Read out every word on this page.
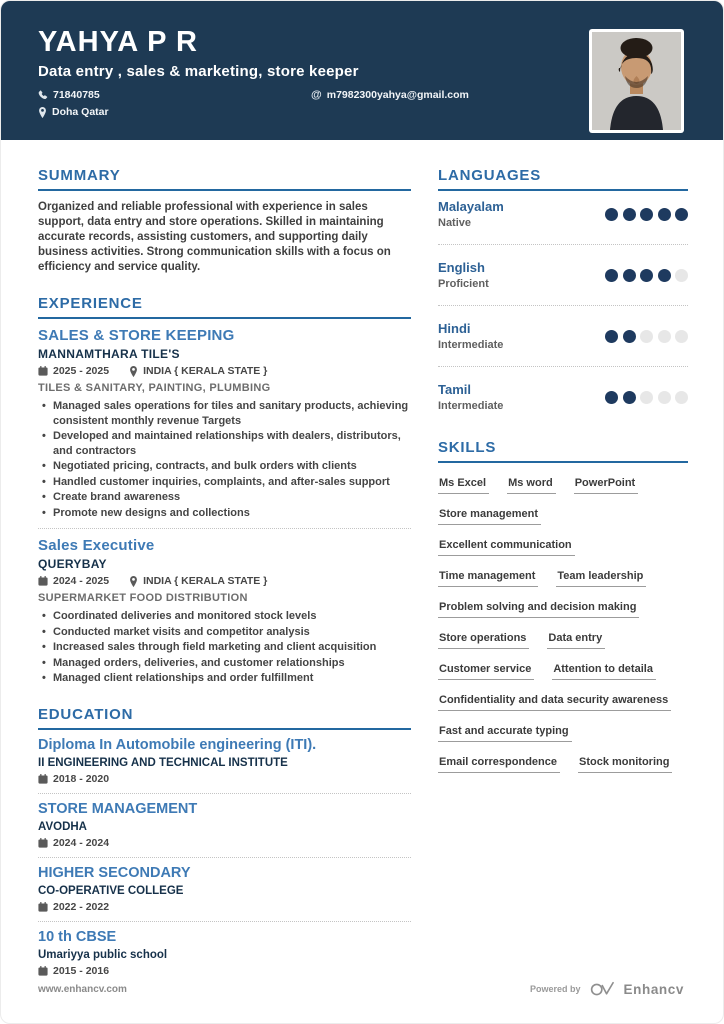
YAHYA P R
Data entry , sales & marketing, store keeper
71840785	@ m7982300yahya@gmail.com
Doha Qatar
SUMMARY

Organized and reliable professional with experience in sales support, data entry and store operations. Skilled in maintaining accurate records, assisting customers, and supporting daily business activities. Strong communication skills with a focus on efficiency and service quality.

EXPERIENCE
SALES & STORE KEEPING
MANNAMTHARA TILE'S
2025 - 2025	INDIA { KERALA STATE }
TILES & SANITARY, PAINTING, PLUMBING
• Managed sales operations for tiles and sanitary products, achieving consistent monthly revenue Targets
• Developed and maintained relationships with dealers, distributors, and contractors
• Negotiated pricing, contracts, and bulk orders with clients
• Handled customer inquiries, complaints, and after-sales support
• Create brand awareness
• Promote new designs and collections
Sales Executive
QUERYBAY
2024 - 2025	INDIA { KERALA STATE }
SUPERMARKET FOOD DISTRIBUTION
• Coordinated deliveries and monitored stock levels
• Conducted market visits and competitor analysis
• Increased sales through field marketing and client acquisition
• Managed orders, deliveries, and customer relationships
• Managed client relationships and order fulfillment
EDUCATION
Diploma In Automobile engineering (ITI).
II ENGINEERING AND TECHNICAL INSTITUTE
2018 - 2020
STORE MANAGEMENT
AVODHA
2024 - 2024
HIGHER SECONDARY
CO-OPERATIVE COLLEGE
2022 - 2022
10 th CBSE
Umariyya public school
2015 - 2016
LANGUAGES
Malayalam
Native
English
Proficient
Hindi
Intermediate
Tamil
Intermediate
SKILLS
Ms Excel Ms word PowerPoint
Store management
Excellent communication
Time management Team leadership
Problem solving and decision making
Store operations Data entry
Customer service Attention to detaila
Confidentiality and data security awareness
Fast and accurate typing
Email correspondence Stock monitoring
www.enhancv.com	Powered by	Enhancv
